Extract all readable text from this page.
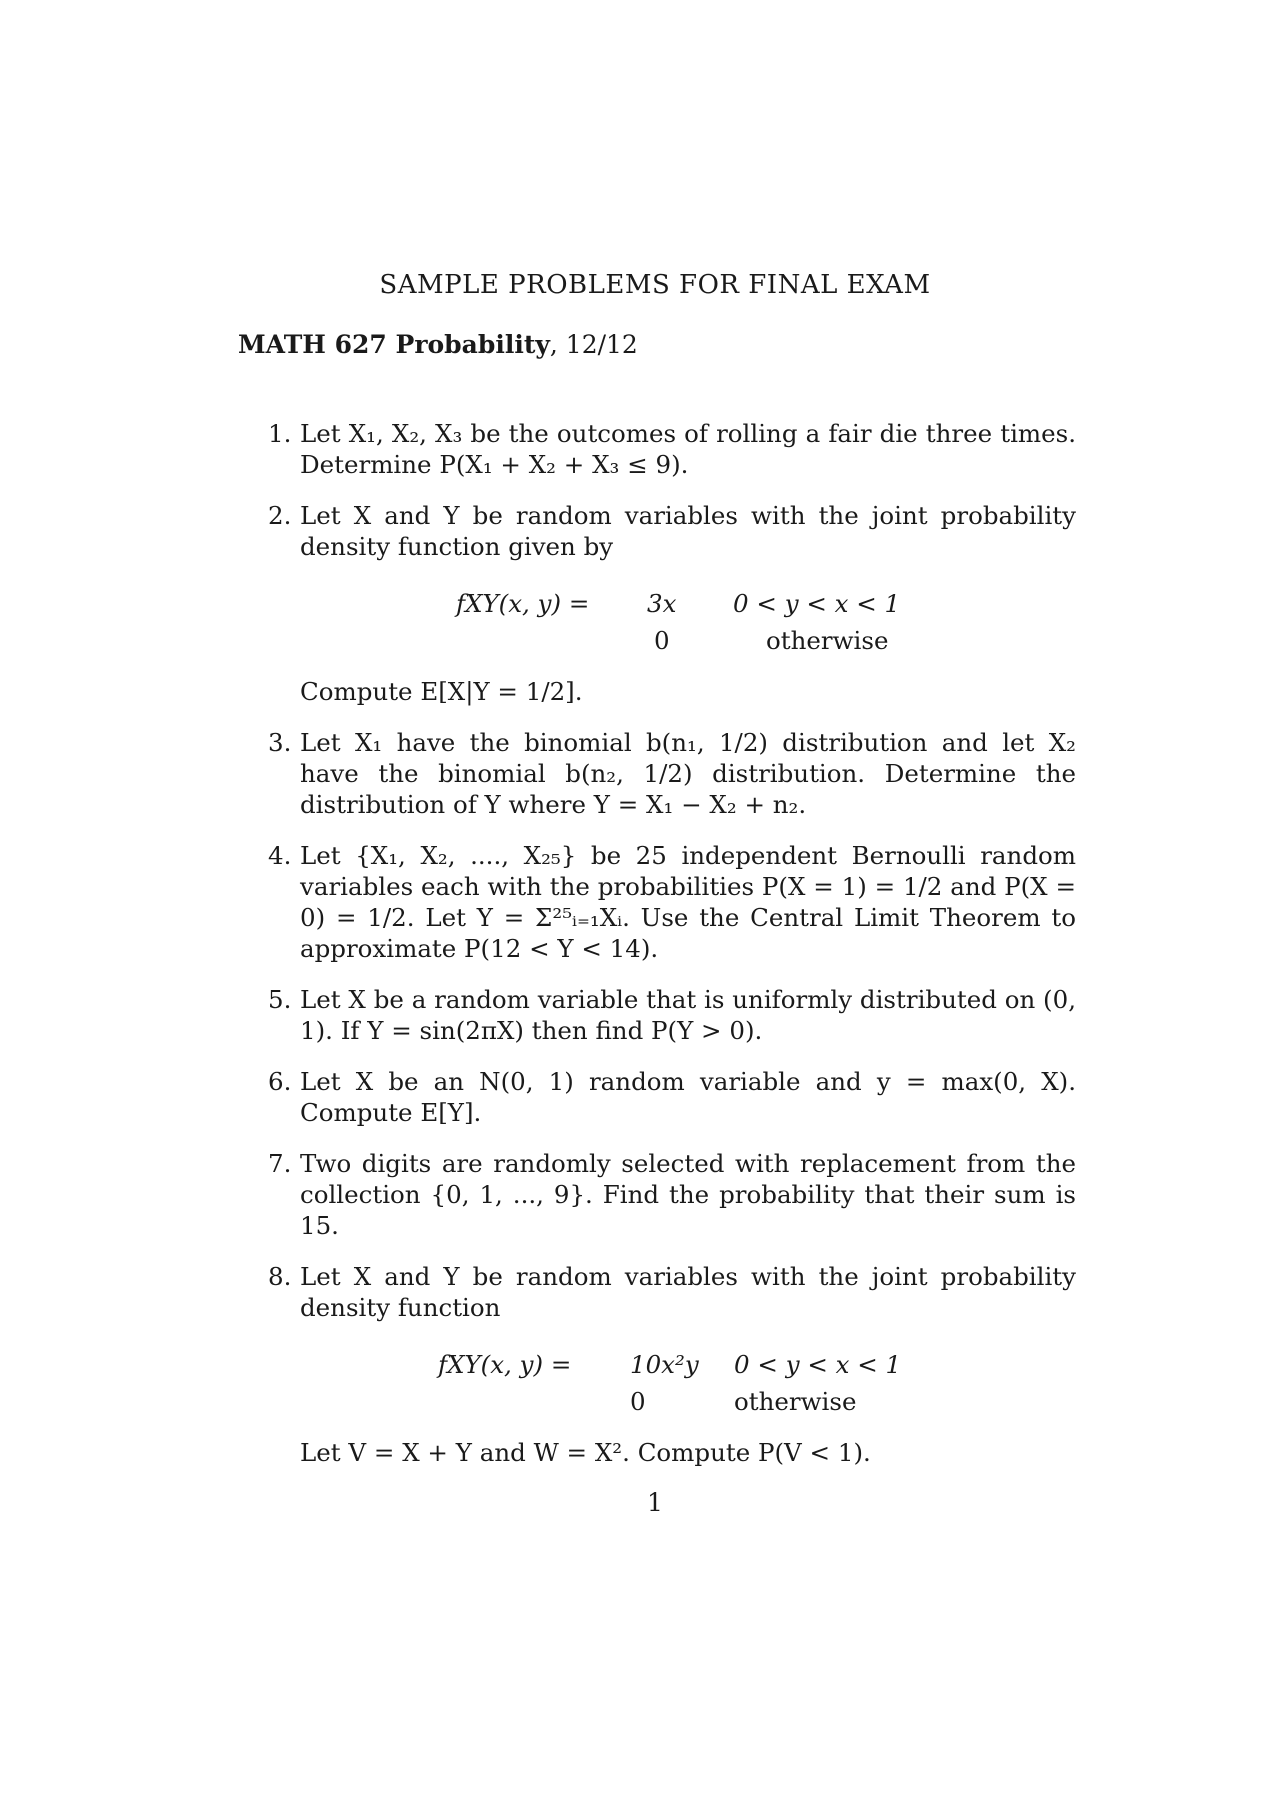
SAMPLE PROBLEMS FOR FINAL EXAM
MATH 627 Probability, 12/12
1. Let X₁, X₂, X₃ be the outcomes of rolling a fair die three times. Determine P(X₁ + X₂ + X₃ ≤ 9).
2. Let X and Y be random variables with the joint probability density function given by
fXY(x, y) = 3x
0
0 < y < x < 1
otherwise
Compute E[X|Y = 1/2].
3. Let X₁ have the binomial b(n₁, 1/2) distribution and let X₂ have the binomial b(n₂, 1/2) distribution. Determine the distribution of Y where Y = X₁ − X₂ + n₂.
4. Let {X₁, X₂, ...., X₂₅} be 25 independent Bernoulli random variables each with the probabilities P(X = 1) = 1/2 and P(X = 0) = 1/2. Let Y = Σ²⁵ᵢ₌₁Xᵢ. Use the Central Limit Theorem to approximate P(12 < Y < 14).
5. Let X be a random variable that is uniformly distributed on (0, 1). If Y = sin(2πX) then find P(Y > 0).
6. Let X be an N(0, 1) random variable and y = max(0, X). Compute E[Y].
7. Two digits are randomly selected with replacement from the collection {0, 1, ..., 9}. Find the probability that their sum is 15.
8. Let X and Y be random variables with the joint probability density function
fXY(x, y) = 10x²y
0
0 < y < x < 1
otherwise
Let V = X + Y and W = X². Compute P(V < 1).
1
